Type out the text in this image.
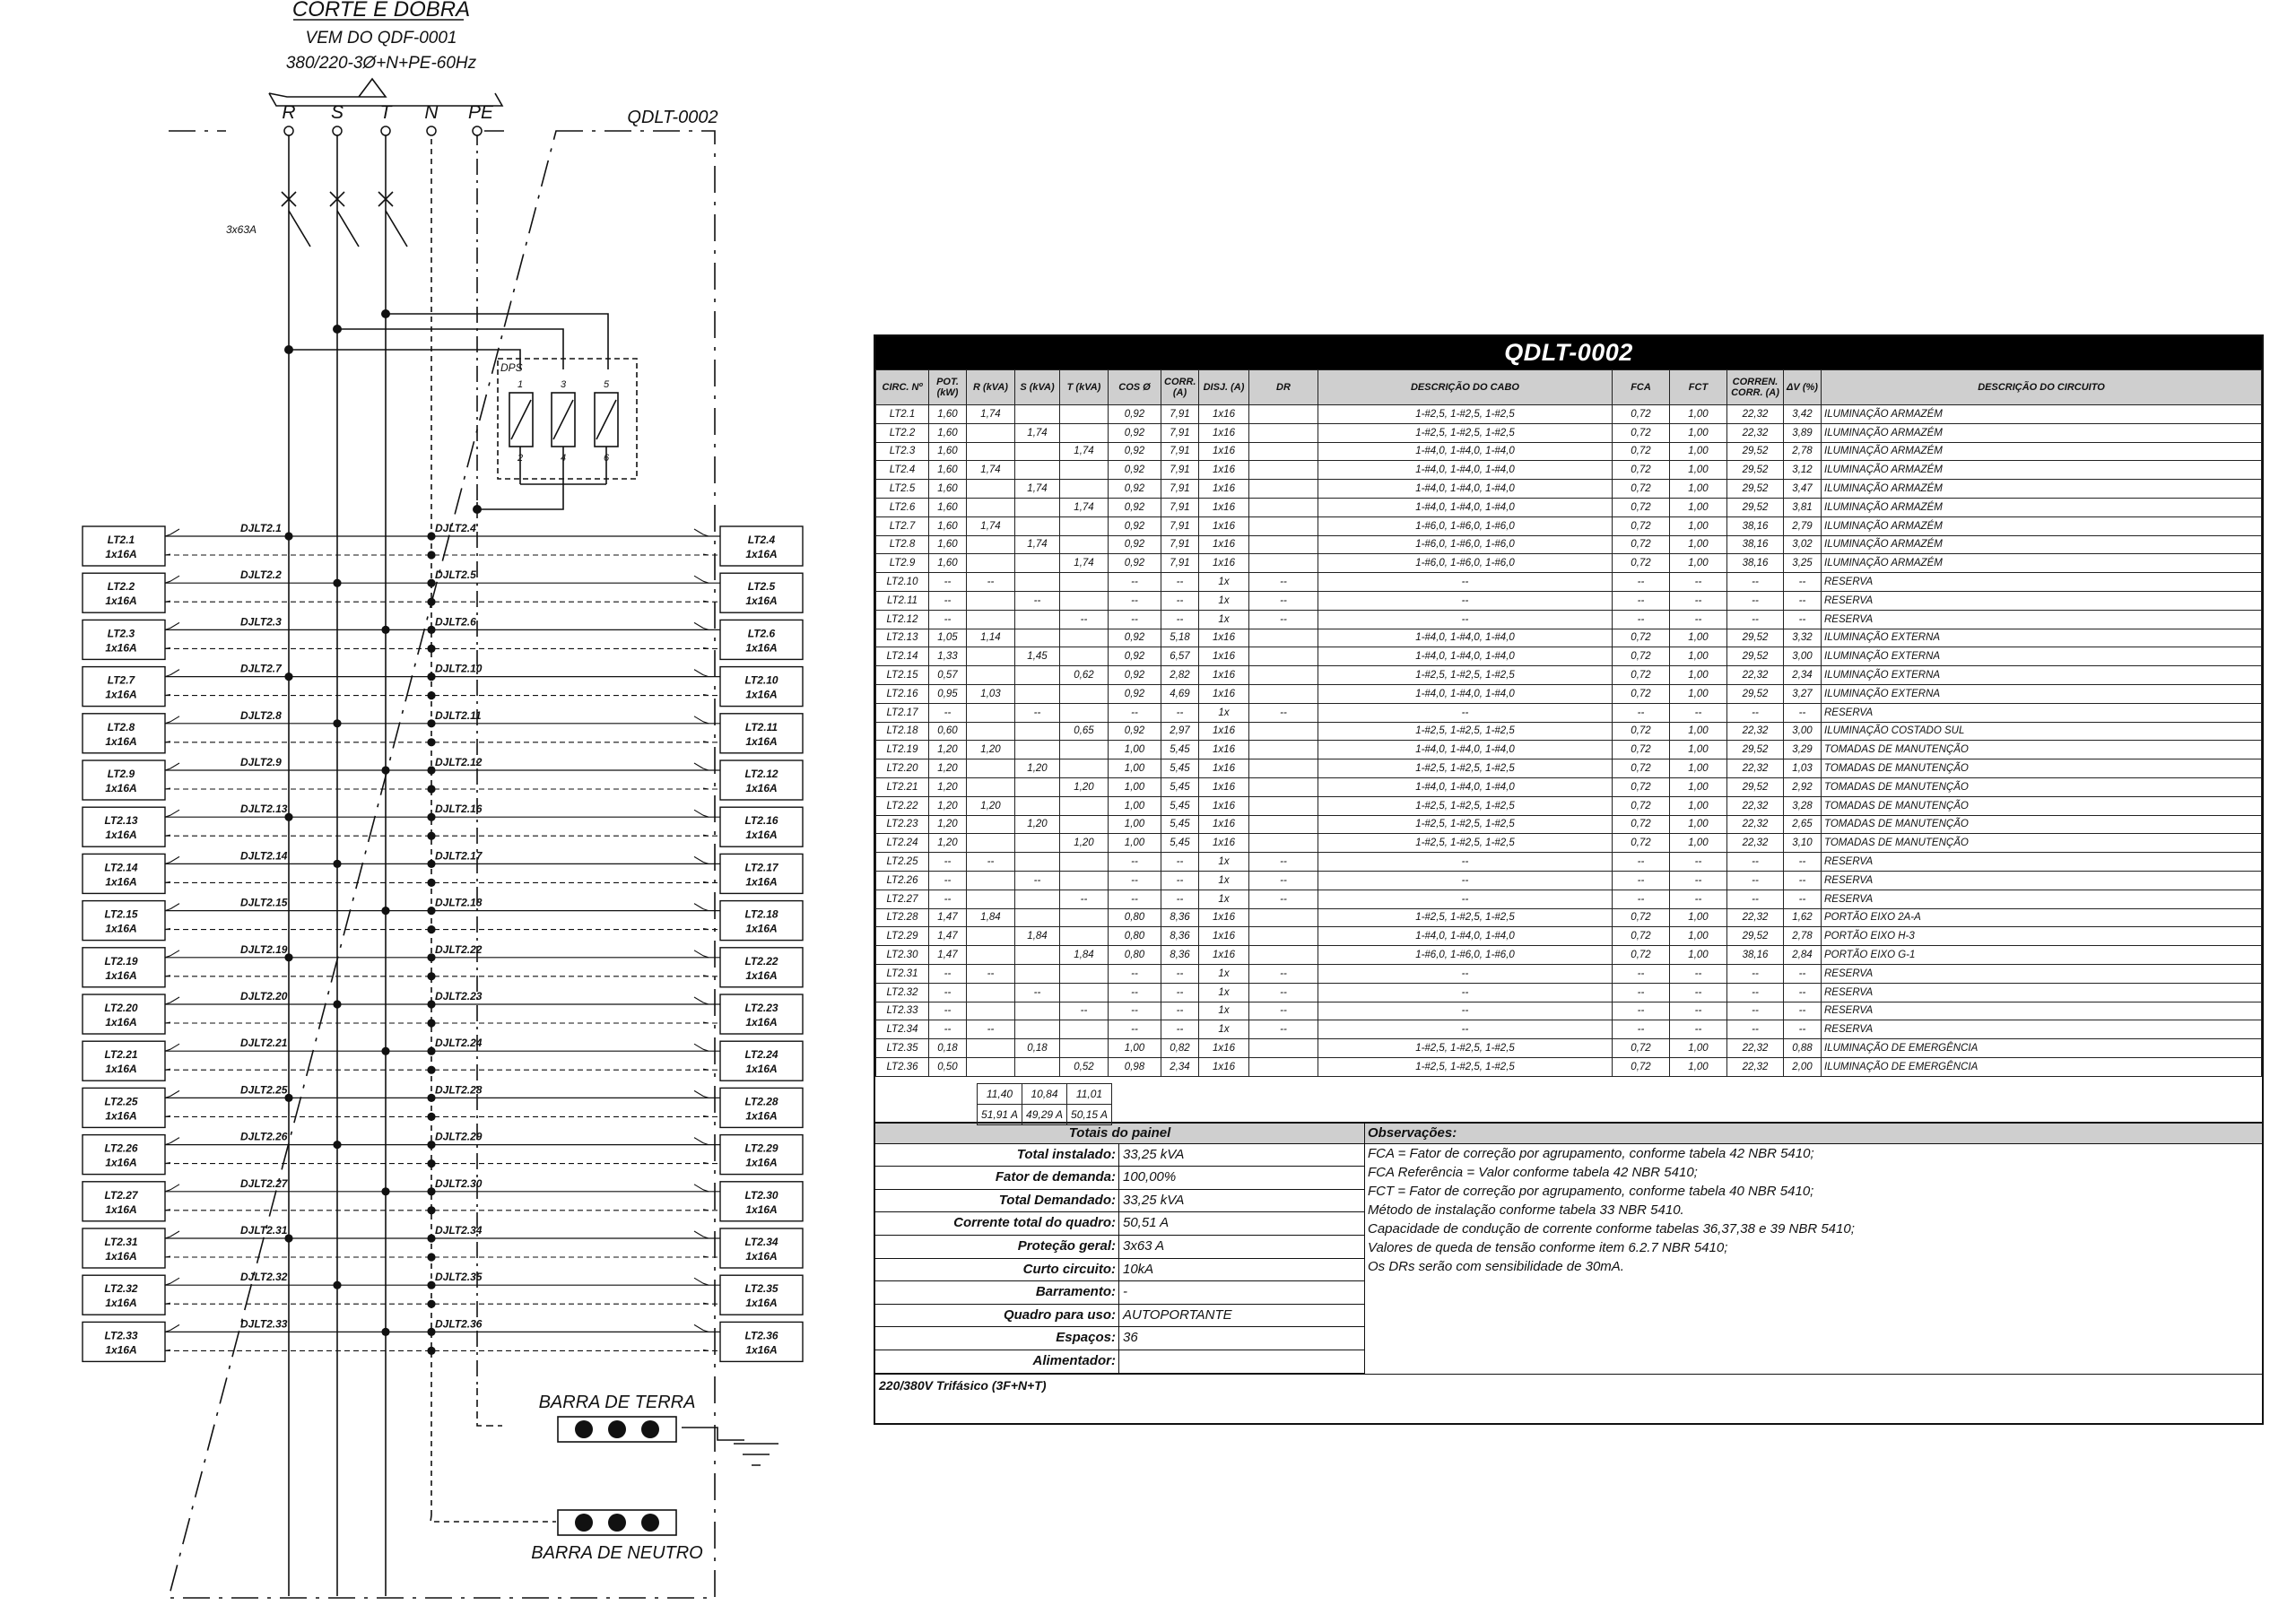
CORTE E DOBRA
VEM DO QDF-0001
380/220-3Ø+N+PE-60Hz
QDLT-0002
R S T N PE
3x63A
DPS
1	3	5
2	4	6
BARRA DE TERRA
BARRA DE NEUTRO
LT2.1
1x16A
LT2.4
1x16A
DJLT2.1	DJLT2.4
LT2.2
1x16A
LT2.5
1x16A
DJLT2.2	DJLT2.5
LT2.3
1x16A
LT2.6
1x16A
DJLT2.3	DJLT2.6
LT2.7
1x16A
LT2.10
1x16A
DJLT2.7	DJLT2.10
LT2.8
1x16A
LT2.11
1x16A
DJLT2.8	DJLT2.11
LT2.9
1x16A
LT2.12
1x16A
DJLT2.9	DJLT2.12
LT2.13
1x16A
LT2.16
1x16A
DJLT2.13	DJLT2.16
LT2.14
1x16A
LT2.17
1x16A
DJLT2.14	DJLT2.17
LT2.15
1x16A
LT2.18
1x16A
DJLT2.15	DJLT2.18
LT2.19
1x16A
LT2.22
1x16A
DJLT2.19	DJLT2.22
LT2.20
1x16A
LT2.23
1x16A
DJLT2.20	DJLT2.23
LT2.21
1x16A
LT2.24
1x16A
DJLT2.21	DJLT2.24
LT2.25
1x16A
LT2.28
1x16A
DJLT2.25	DJLT2.28
LT2.26
1x16A
LT2.29
1x16A
DJLT2.26	DJLT2.29
LT2.27
1x16A
LT2.30
1x16A
DJLT2.27	DJLT2.30
LT2.31
1x16A
LT2.34
1x16A
DJLT2.31	DJLT2.34
LT2.32
1x16A
LT2.35
1x16A
DJLT2.32	DJLT2.35
LT2.33
1x16A
LT2.36
1x16A
DJLT2.33	DJLT2.36
QDLT-0002
CIRC. Nº	POT. (kW)	R (kVA)	S (kVA)	T (kVA)	COS Ø	CORR. (A)	DISJ. (A)	DR	DESCRIÇÃO DO CABO	FCA	FCT	CORREN. CORR. (A)	ΔV (%)	DESCRIÇÃO DO CIRCUITO
LT2.1	1,60	1,74			0,92	7,91	1x16		1-#2,5, 1-#2,5, 1-#2,5	0,72	1,00	22,32	3,42	ILUMINAÇÃO ARMAZÉM
LT2.2	1,60		1,74		0,92	7,91	1x16		1-#2,5, 1-#2,5, 1-#2,5	0,72	1,00	22,32	3,89	ILUMINAÇÃO ARMAZÉM
LT2.3	1,60			1,74	0,92	7,91	1x16		1-#4,0, 1-#4,0, 1-#4,0	0,72	1,00	29,52	2,78	ILUMINAÇÃO ARMAZÉM
LT2.4	1,60	1,74			0,92	7,91	1x16		1-#4,0, 1-#4,0, 1-#4,0	0,72	1,00	29,52	3,12	ILUMINAÇÃO ARMAZÉM
LT2.5	1,60		1,74		0,92	7,91	1x16		1-#4,0, 1-#4,0, 1-#4,0	0,72	1,00	29,52	3,47	ILUMINAÇÃO ARMAZÉM
LT2.6	1,60			1,74	0,92	7,91	1x16		1-#4,0, 1-#4,0, 1-#4,0	0,72	1,00	29,52	3,81	ILUMINAÇÃO ARMAZÉM
LT2.7	1,60	1,74			0,92	7,91	1x16		1-#6,0, 1-#6,0, 1-#6,0	0,72	1,00	38,16	2,79	ILUMINAÇÃO ARMAZÉM
LT2.8	1,60		1,74		0,92	7,91	1x16		1-#6,0, 1-#6,0, 1-#6,0	0,72	1,00	38,16	3,02	ILUMINAÇÃO ARMAZÉM
LT2.9	1,60			1,74	0,92	7,91	1x16		1-#6,0, 1-#6,0, 1-#6,0	0,72	1,00	38,16	3,25	ILUMINAÇÃO ARMAZÉM
LT2.10	--	--			--	--	1x	--	--	--	--	--	--	RESERVA
LT2.11	--		--		--	--	1x	--	--	--	--	--	--	RESERVA
LT2.12	--			--	--	--	1x	--	--	--	--	--	--	RESERVA
LT2.13	1,05	1,14			0,92	5,18	1x16		1-#4,0, 1-#4,0, 1-#4,0	0,72	1,00	29,52	3,32	ILUMINAÇÃO EXTERNA
LT2.14	1,33		1,45		0,92	6,57	1x16		1-#4,0, 1-#4,0, 1-#4,0	0,72	1,00	29,52	3,00	ILUMINAÇÃO EXTERNA
LT2.15	0,57			0,62	0,92	2,82	1x16		1-#2,5, 1-#2,5, 1-#2,5	0,72	1,00	22,32	2,34	ILUMINAÇÃO EXTERNA
LT2.16	0,95	1,03			0,92	4,69	1x16		1-#4,0, 1-#4,0, 1-#4,0	0,72	1,00	29,52	3,27	ILUMINAÇÃO EXTERNA
LT2.17	--		--		--	--	1x	--	--	--	--	--	--	RESERVA
LT2.18	0,60			0,65	0,92	2,97	1x16		1-#2,5, 1-#2,5, 1-#2,5	0,72	1,00	22,32	3,00	ILUMINAÇÃO COSTADO SUL
LT2.19	1,20	1,20			1,00	5,45	1x16		1-#4,0, 1-#4,0, 1-#4,0	0,72	1,00	29,52	3,29	TOMADAS DE MANUTENÇÃO
LT2.20	1,20		1,20		1,00	5,45	1x16		1-#2,5, 1-#2,5, 1-#2,5	0,72	1,00	22,32	1,03	TOMADAS DE MANUTENÇÃO
LT2.21	1,20			1,20	1,00	5,45	1x16		1-#4,0, 1-#4,0, 1-#4,0	0,72	1,00	29,52	2,92	TOMADAS DE MANUTENÇÃO
LT2.22	1,20	1,20			1,00	5,45	1x16		1-#2,5, 1-#2,5, 1-#2,5	0,72	1,00	22,32	3,28	TOMADAS DE MANUTENÇÃO
LT2.23	1,20		1,20		1,00	5,45	1x16		1-#2,5, 1-#2,5, 1-#2,5	0,72	1,00	22,32	2,65	TOMADAS DE MANUTENÇÃO
LT2.24	1,20			1,20	1,00	5,45	1x16		1-#2,5, 1-#2,5, 1-#2,5	0,72	1,00	22,32	3,10	TOMADAS DE MANUTENÇÃO
LT2.25	--	--			--	--	1x	--	--	--	--	--	--	RESERVA
LT2.26	--		--		--	--	1x	--	--	--	--	--	--	RESERVA
LT2.27	--			--	--	--	1x	--	--	--	--	--	--	RESERVA
LT2.28	1,47	1,84			0,80	8,36	1x16		1-#2,5, 1-#2,5, 1-#2,5	0,72	1,00	22,32	1,62	PORTÃO EIXO 2A-A
LT2.29	1,47		1,84		0,80	8,36	1x16		1-#4,0, 1-#4,0, 1-#4,0	0,72	1,00	29,52	2,78	PORTÃO EIXO H-3
LT2.30	1,47			1,84	0,80	8,36	1x16		1-#6,0, 1-#6,0, 1-#6,0	0,72	1,00	38,16	2,84	PORTÃO EIXO G-1
LT2.31	--	--			--	--	1x	--	--	--	--	--	--	RESERVA
LT2.32	--		--		--	--	1x	--	--	--	--	--	--	RESERVA
LT2.33	--			--	--	--	1x	--	--	--	--	--	--	RESERVA
LT2.34	--	--			--	--	1x	--	--	--	--	--	--	RESERVA
LT2.35	0,18		0,18		1,00	0,82	1x16		1-#2,5, 1-#2,5, 1-#2,5	0,72	1,00	22,32	0,88	ILUMINAÇÃO DE EMERGÊNCIA
LT2.36	0,50			0,52	0,98	2,34	1x16		1-#2,5, 1-#2,5, 1-#2,5	0,72	1,00	22,32	2,00	ILUMINAÇÃO DE EMERGÊNCIA
Totais do painel
Total instalado: 33,25 kVA
Fator de demanda: 100,00%
Total Demandado: 33,25 kVA
Corrente total do quadro: 50,51 A
Proteção geral: 3x63 A
Curto circuito: 10kA
Barramento: -
Quadro para uso: AUTOPORTANTE
Espaços: 36
Alimentador:
Observações:
FCA = Fator de correção por agrupamento, conforme tabela 42 NBR 5410;
FCA Referência = Valor conforme tabela 42 NBR 5410;
FCT = Fator de correção por agrupamento, conforme tabela 40 NBR 5410;
Método de instalação conforme tabela 33 NBR 5410.
Capacidade de condução de corrente conforme tabelas 36,37,38 e 39 NBR 5410;
Valores de queda de tensão conforme item 6.2.7 NBR 5410;
Os DRs serão com sensibilidade de 30mA.
220/380V Trifásico (3F+N+T)
11,40	10,84	11,01
51,91 A	49,29 A	50,15 A
